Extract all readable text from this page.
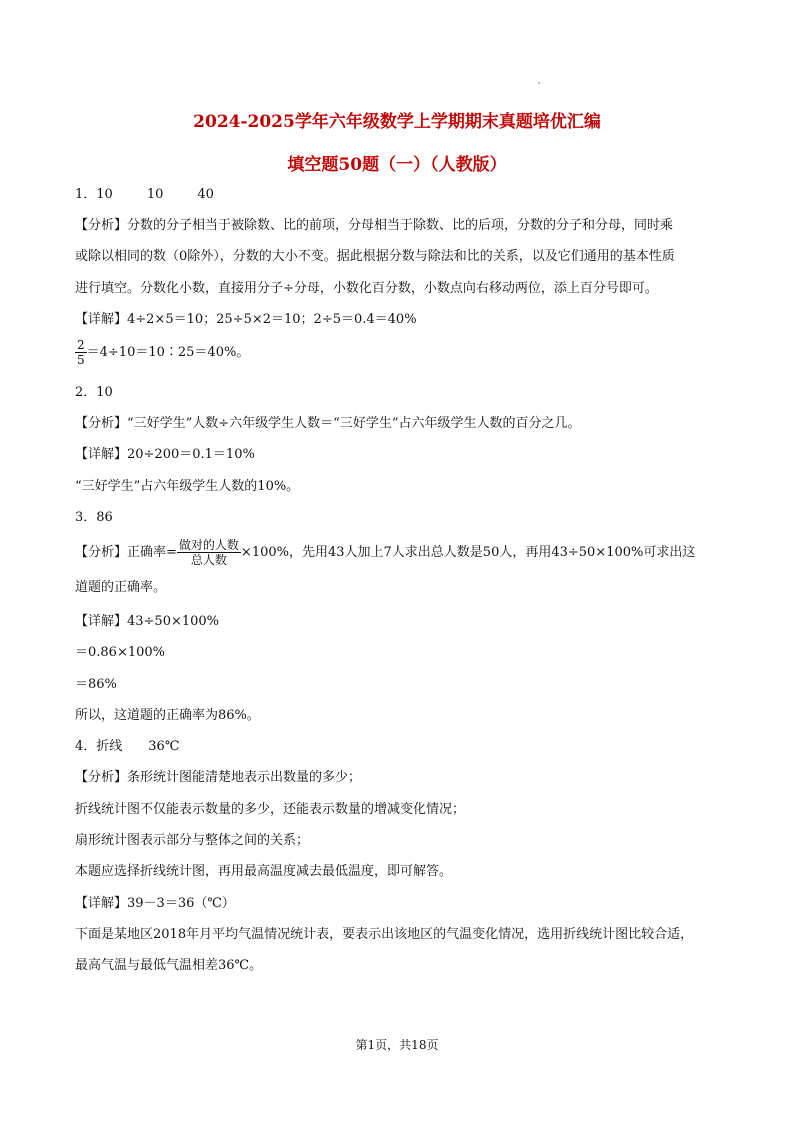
2024-2025学年六年级数学上学期期末真题培优汇编
填空题50题（一）（人教版）
1．10	10	40
【分析】分数的分子相当于被除数、比的前项，分母相当于除数、比的后项，分数的分子和分母，同时乘
或除以相同的数（0除外），分数的大小不变。据此根据分数与除法和比的关系，以及它们通用的基本性质
进行填空。分数化小数，直接用分子÷分母，小数化百分数，小数点向右移动两位，添上百分号即可。
【详解】4÷2×5＝10；25÷5×2＝10；2÷5＝0.4＝40%
$\frac{2}{5}$ ＝4÷10＝10∶25＝40%。
2．10
【分析】“三好学生”人数÷六年级学生人数＝“三好学生”占六年级学生人数的百分之几。
【详解】20÷200＝0.1＝10%
“三好学生”占六年级学生人数的10%。
3．86
【分析】正确率= $\frac{\text{做对的人数}}{\text{总人数}} \times 100\%$，先用43人加上7人求出总人数是50人，再用43÷50×100%可求出这
道题的正确率。
【详解】43÷50×100%
＝0.86×100%
＝86%
所以，这道题的正确率为86%。
4．折线 36℃
【分析】条形统计图能清楚地表示出数量的多少；
折线统计图不仅能表示数量的多少，还能表示数量的增减变化情况；
扇形统计图表示部分与整体之间的关系；
本题应选择折线统计图，再用最高温度减去最低温度，即可解答。
【详解】39－3＝36（℃）
下面是某地区2018年月平均气温情况统计表，要表示出该地区的气温变化情况，选用折线统计图比较合适，
最高气温与最低气温相差36℃。
第1页，共18页
